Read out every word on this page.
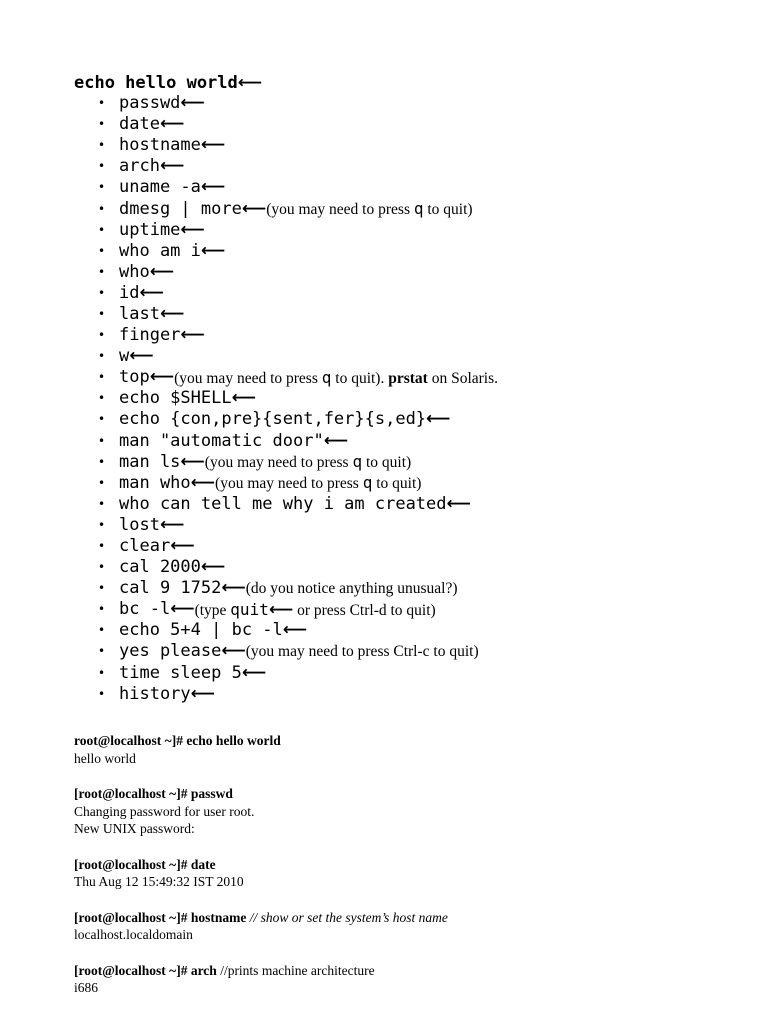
echo hello world⟵
• passwd ⟵
• date ⟵
• hostname ⟵
• arch ⟵
• uname -a ⟵
• dmesg | more ⟵ (you may need to press q to quit)
• uptime ⟵
• who am i ⟵
• who ⟵
• id ⟵
• last ⟵
• finger ⟵
• w ⟵
• top ⟵ (you may need to press q to quit). prstat on Solaris.
• echo $SHELL ⟵
• echo {con,pre}{sent,fer}{s,ed} ⟵
• man "automatic door" ⟵
• man ls ⟵ (you may need to press q to quit)
• man who ⟵ (you may need to press q to quit)
• who can tell me why i am created ⟵
• lost ⟵
• clear ⟵
• cal 2000 ⟵
• cal 9 1752 ⟵ (do you notice anything unusual?)
• bc -l ⟵ (type quit⟵ or press Ctrl-d to quit)
• echo 5+4 | bc -l ⟵
• yes please ⟵ (you may need to press Ctrl-c to quit)
• time sleep 5 ⟵
• history ⟵
root@localhost ~]# echo hello world
hello world
[root@localhost ~]# passwd
Changing password for user root.
New UNIX password:
[root@localhost ~]# date
Thu Aug 12 15:49:32 IST 2010
[root@localhost ~]# hostname // show or set the system’s host name
localhost.localdomain
[root@localhost ~]# arch //prints machine architecture
i686
